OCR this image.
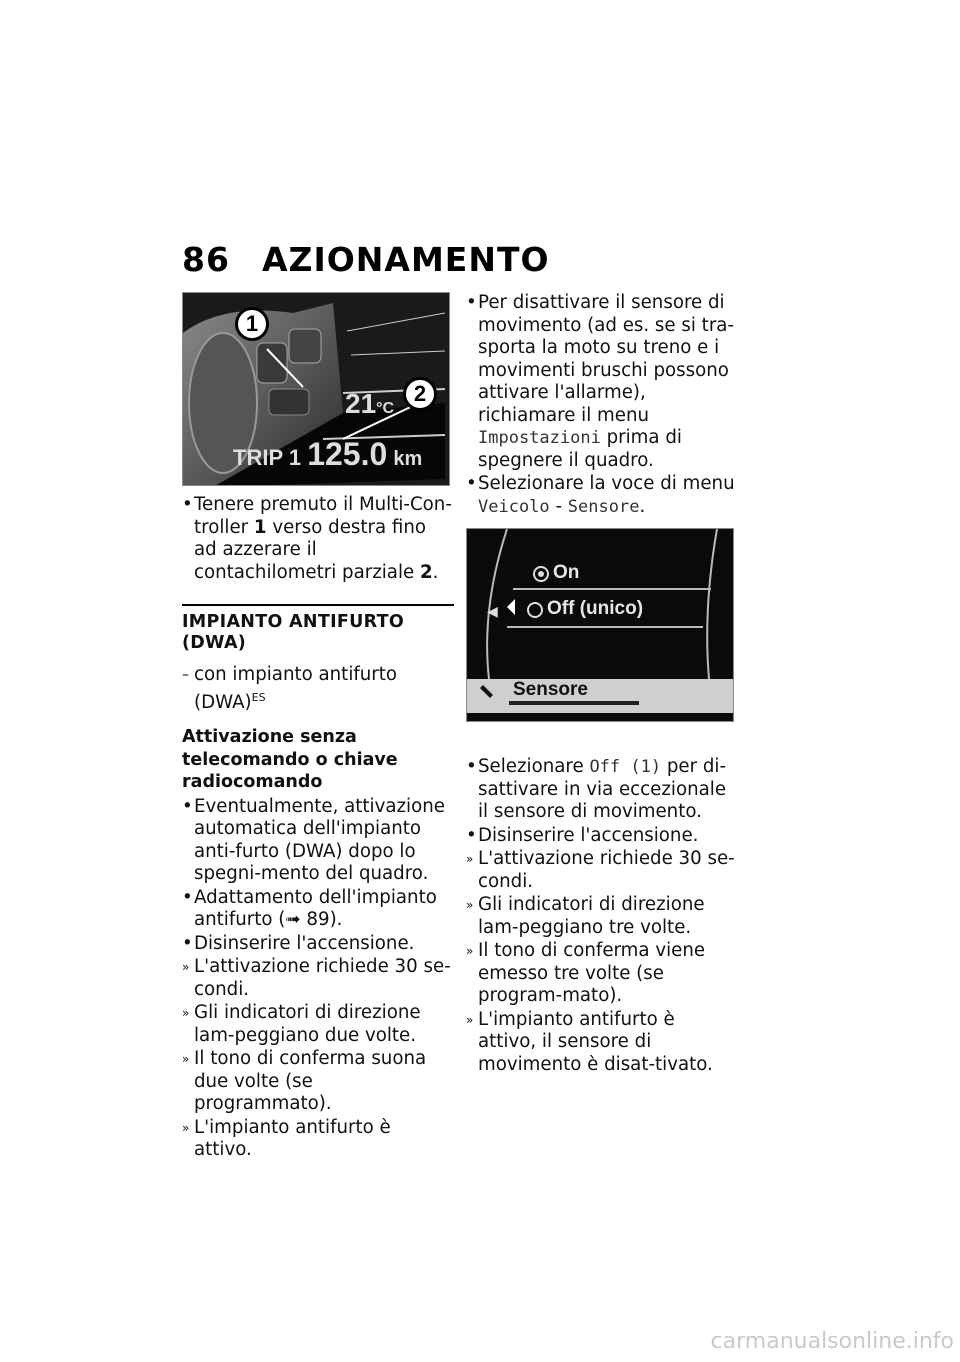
86 AZIONAMENTO
21°C
TRIP 1 125.0 km
1
2
• Tenere premuto il Multi-Con-troller 1 verso destra fino ad azzerare il contachilometri parziale 2.
IMPIANTO ANTIFURTO (DWA)
– con impianto antifurto (DWA)$^{ES}$
Attivazione senza telecomando o chiave radiocomando
• Eventualmente, attivazione automatica dell'impianto anti-furto (DWA) dopo lo spegni-mento del quadro.
• Adattamento dell'impianto antifurto (➟ 89).
• Disinserire l'accensione.
» L'attivazione richiede 30 se-condi.
» Gli indicatori di direzione lam-peggiano due volte.
» Il tono di conferma suona due volte (se programmato).
» L'impianto antifurto è attivo.
• Per disattivare il sensore di movimento (ad es. se si tra-sporta la moto su treno e i movimenti bruschi possono attivare l'allarme), richiamare il menu Impostazioni prima di spegnere il quadro.
• Selezionare la voce di menu Veicolo - Sensore.
◀
On
Off (unico)
Sensore
• Selezionare Off (1) per di-sattivare in via eccezionale il sensore di movimento.
• Disinserire l'accensione.
» L'attivazione richiede 30 se-condi.
» Gli indicatori di direzione lam-peggiano tre volte.
» Il tono di conferma viene emesso tre volte (se program-mato).
» L'impianto antifurto è attivo, il sensore di movimento è disat-tivato.
carmanualsonline.info
